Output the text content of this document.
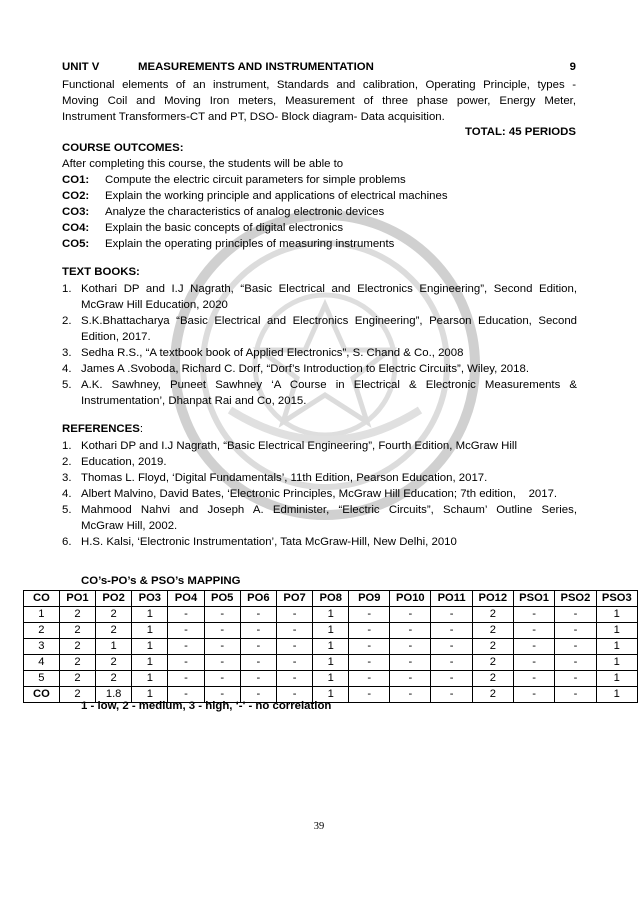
UNIT V	MEASUREMENTS AND INSTRUMENTATION	9
Functional elements of an instrument, Standards and calibration, Operating Principle, types -
Moving Coil and Moving Iron meters, Measurement of three phase power, Energy Meter,
Instrument Transformers-CT and PT, DSO- Block diagram- Data acquisition.
TOTAL: 45 PERIODS
COURSE OUTCOMES:
After completing this course, the students will be able to
CO1: Compute the electric circuit parameters for simple problems
CO2: Explain the working principle and applications of electrical machines
CO3: Analyze the characteristics of analog electronic devices
CO4: Explain the basic concepts of digital electronics
CO5: Explain the operating principles of measuring instruments
TEXT BOOKS:
1. Kothari DP and I.J Nagrath, “Basic Electrical and Electronics Engineering”, Second Edition,
McGraw Hill Education, 2020
2. S.K.Bhattacharya “Basic Electrical and Electronics Engineering”, Pearson Education, Second
Edition, 2017.
3. Sedha R.S., “A textbook book of Applied Electronics”, S. Chand & Co., 2008
4. James A .Svoboda, Richard C. Dorf, “Dorf’s Introduction to Electric Circuits”, Wiley, 2018.
5. A.K. Sawhney, Puneet Sawhney ‘A Course in Electrical & Electronic Measurements &
Instrumentation’, Dhanpat Rai and Co, 2015.
REFERENCES:
1. Kothari DP and I.J Nagrath, “Basic Electrical Engineering”, Fourth Edition, McGraw Hill
2. Education, 2019.
3. Thomas L. Floyd, ‘Digital Fundamentals’, 11th Edition, Pearson Education, 2017.
4. Albert Malvino, David Bates, ‘Electronic Principles, McGraw Hill Education; 7th edition,    2017.
5. Mahmood Nahvi and Joseph A. Edminister, “Electric Circuits”, Schaum’ Outline Series,
McGraw Hill, 2002.
6. H.S. Kalsi, ‘Electronic Instrumentation’, Tata McGraw-Hill, New Delhi, 2010
CO’s-PO’s & PSO’s MAPPING
CO	PO1	PO2	PO3	PO4	PO5	PO6	PO7	PO8	PO9	PO10	PO11	PO12	PSO1	PSO2	PSO3
1	2	2	1	-	-	-	-	1	-	-	-	2	-	-	1
2	2	2	1	-	-	-	-	1	-	-	-	2	-	-	1
3	2	1	1	-	-	-	-	1	-	-	-	2	-	-	1
4	2	2	1	-	-	-	-	1	-	-	-	2	-	-	1
5	2	2	1	-	-	-	-	1	-	-	-	2	-	-	1
CO	2	1.8	1	-	-	-	-	1	-	-	-	2	-	-	1
1 - low, 2 - medium, 3 - high, ‘-' - no correlation
39
